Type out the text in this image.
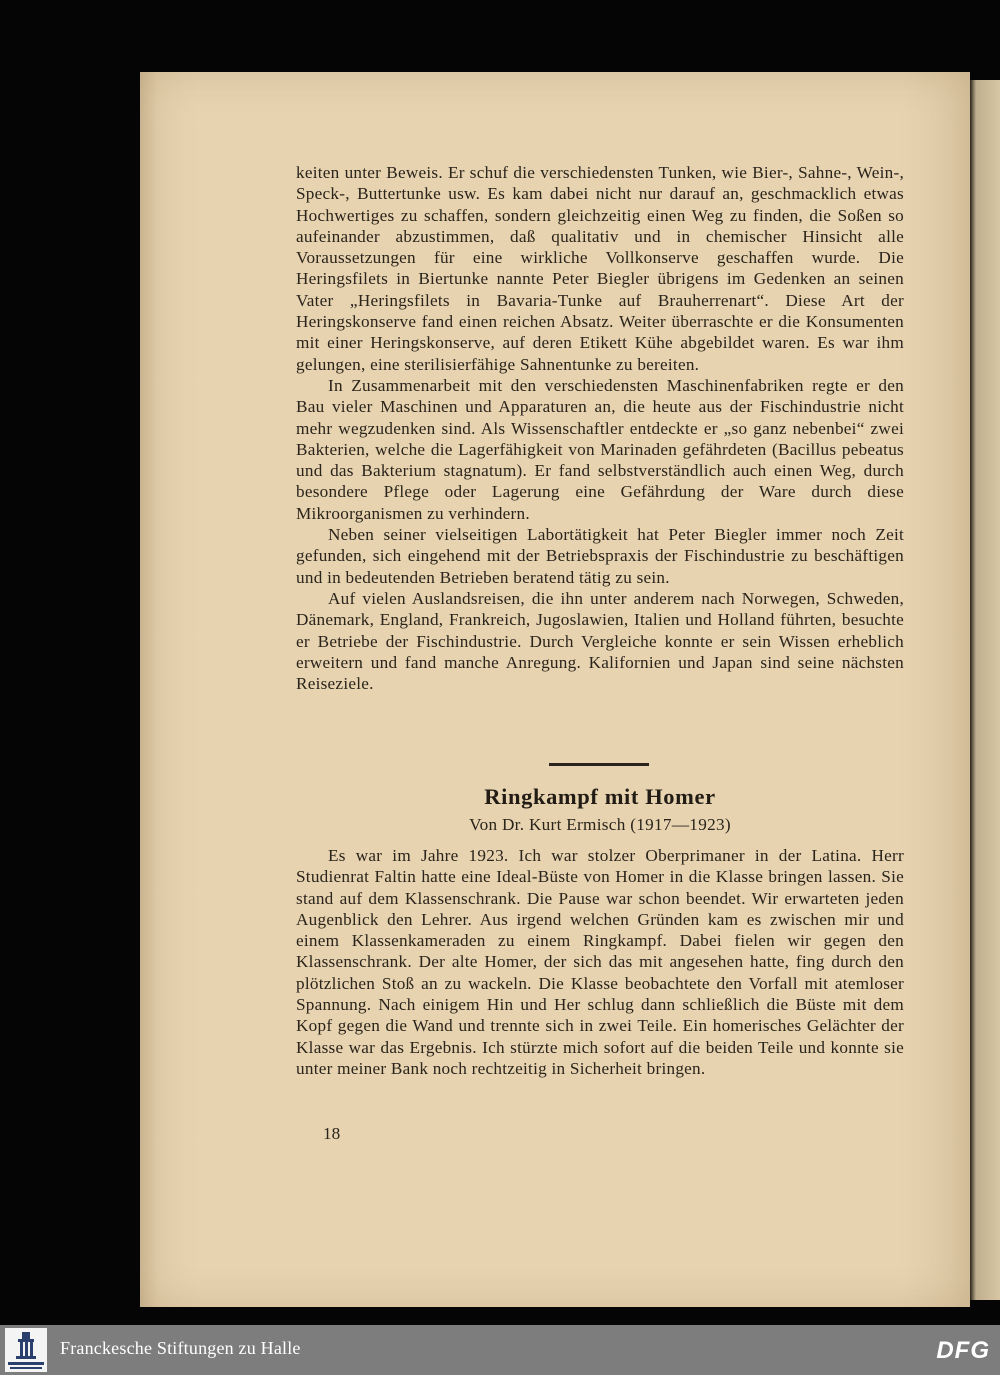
keiten unter Beweis. Er schuf die verschiedensten Tunken, wie Bier-, Sahne-, Wein-, Speck-, Buttertunke usw. Es kam dabei nicht nur darauf an, geschmacklich etwas Hochwertiges zu schaffen, sondern gleichzeitig einen Weg zu finden, die Soßen so aufeinander abzustimmen, daß qualitativ und in chemischer Hinsicht alle Voraussetzungen für eine wirkliche Vollkonserve geschaffen wurde. Die Heringsfilets in Biertunke nannte Peter Biegler übrigens im Gedenken an seinen Vater „Heringsfilets in Bavaria-Tunke auf Brauherrenart“. Diese Art der Heringskonserve fand einen reichen Absatz. Weiter überraschte er die Konsumenten mit einer Heringskonserve, auf deren Etikett Kühe abgebildet waren. Es war ihm gelungen, eine sterilisierfähige Sahnentunke zu bereiten.

In Zusammenarbeit mit den verschiedensten Maschinenfabriken regte er den Bau vieler Maschinen und Apparaturen an, die heute aus der Fischindustrie nicht mehr wegzudenken sind. Als Wissenschaftler entdeckte er „so ganz nebenbei“ zwei Bakterien, welche die Lagerfähigkeit von Marinaden gefährdeten (Bacillus pebeatus und das Bakterium stagnatum). Er fand selbstverständlich auch einen Weg, durch besondere Pflege oder Lagerung eine Gefährdung der Ware durch diese Mikroorganismen zu verhindern.

Neben seiner vielseitigen Labortätigkeit hat Peter Biegler immer noch Zeit gefunden, sich eingehend mit der Betriebspraxis der Fischindustrie zu beschäftigen und in bedeutenden Betrieben beratend tätig zu sein.

Auf vielen Auslandsreisen, die ihn unter anderem nach Norwegen, Schweden, Dänemark, England, Frankreich, Jugoslawien, Italien und Holland führten, besuchte er Betriebe der Fischindustrie. Durch Vergleiche konnte er sein Wissen erheblich erweitern und fand manche Anregung. Kalifornien und Japan sind seine nächsten Reiseziele.

Ringkampf mit Homer
Von Dr. Kurt Ermisch (1917—1923)

Es war im Jahre 1923. Ich war stolzer Oberprimaner in der Latina. Herr Studienrat Faltin hatte eine Ideal-Büste von Homer in die Klasse bringen lassen. Sie stand auf dem Klassenschrank. Die Pause war schon beendet. Wir erwarteten jeden Augenblick den Lehrer. Aus irgend welchen Gründen kam es zwischen mir und einem Klassenkameraden zu einem Ringkampf. Dabei fielen wir gegen den Klassenschrank. Der alte Homer, der sich das mit angesehen hatte, fing durch den plötzlichen Stoß an zu wackeln. Die Klasse beobachtete den Vorfall mit atemloser Spannung. Nach einigem Hin und Her schlug dann schließlich die Büste mit dem Kopf gegen die Wand und trennte sich in zwei Teile. Ein homerisches Gelächter der Klasse war das Ergebnis. Ich stürzte mich sofort auf die beiden Teile und konnte sie unter meiner Bank noch rechtzeitig in Sicherheit bringen.

18
Franckesche Stiftungen zu Halle	DFG
